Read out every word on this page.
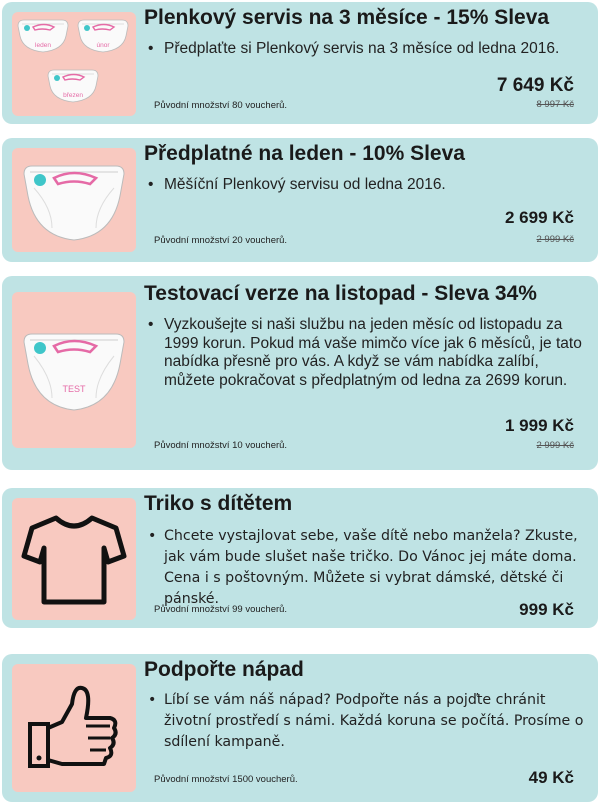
leden	únor
březen
Plenkový servis na 3 měsíce - 15% Sleva

• Předplaťte si Plenkový servis na 3 měsíce od ledna 2016.

7 649 Kč
8 997 Kč
Původní množství 80 voucherů.
Předplatné na leden - 10% Sleva

• Měšíční Plenkový servisu od ledna 2016.

2 699 Kč
2 999 Kč
Původní množství 20 voucherů.
TEST
Testovací verze na listopad - Sleva 34%

• Vyzkoušejte si naši službu na jeden měsíc od listopadu za 1999 korun. Pokud má vaše mimčo více jak 6 měsíců, je tato nabídka přesně pro vás. A když se vám nabídka zalíbí, můžete pokračovat s předplatným od ledna za 2699 korun.

1 999 Kč
2 999 Kč
Původní množství 10 voucherů.
Triko s dítětem

• Chcete vystajlovat sebe, vaše dítě nebo manžela? Zkuste, jak vám bude slušet naše tričko. Do Vánoc jej máte doma. Cena i s poštovným. Můžete si vybrat dámské, dětské či pánské.

999 Kč
Původní množství 99 voucherů.
Podpořte nápad

• Líbí se vám náš nápad? Podpořte nás a pojďte chránit životní prostředí s námi. Každá koruna se počítá. Prosíme o sdílení kampaně.

49 Kč
Původní množství 1500 voucherů.
